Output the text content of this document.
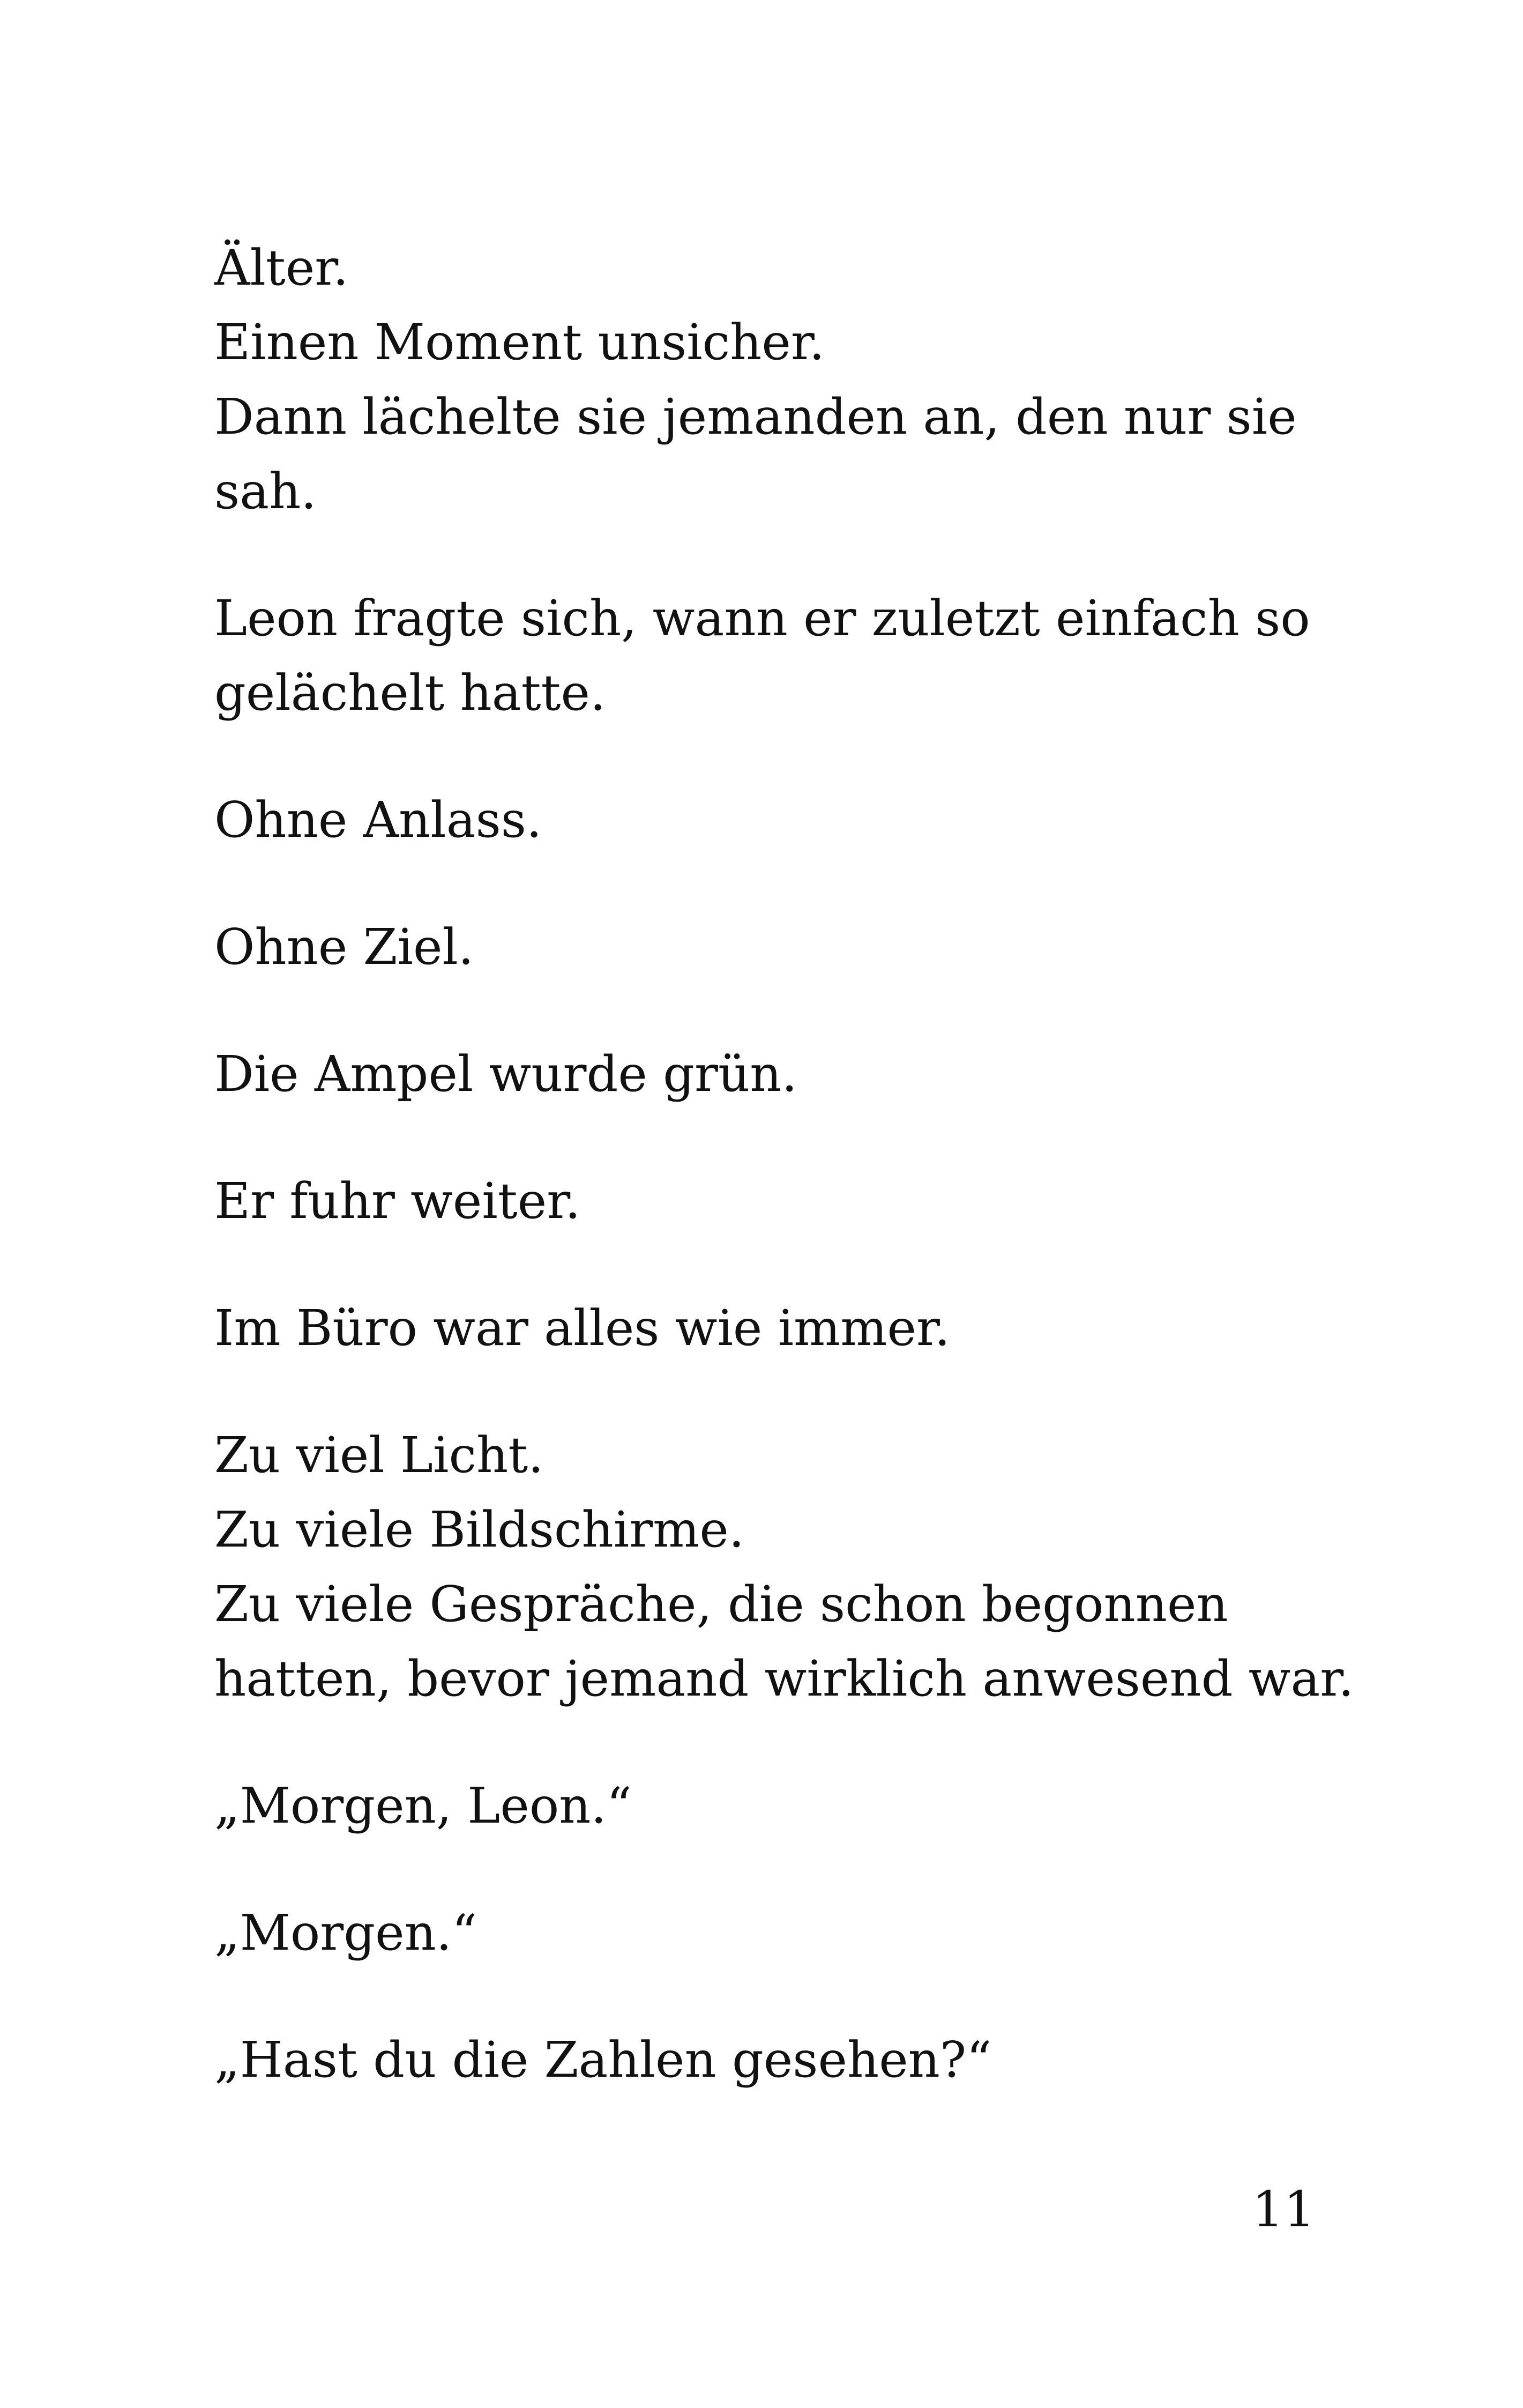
Älter.
Einen Moment unsicher.
Dann lächelte sie jemanden an, den nur sie
sah.
Leon fragte sich, wann er zuletzt einfach so
gelächelt hatte.
Ohne Anlass.
Ohne Ziel.
Die Ampel wurde grün.
Er fuhr weiter.
Im Büro war alles wie immer.
Zu viel Licht.
Zu viele Bildschirme.
Zu viele Gespräche, die schon begonnen
hatten, bevor jemand wirklich anwesend war.
„Morgen, Leon.“
„Morgen.“
„Hast du die Zahlen gesehen?“
11
